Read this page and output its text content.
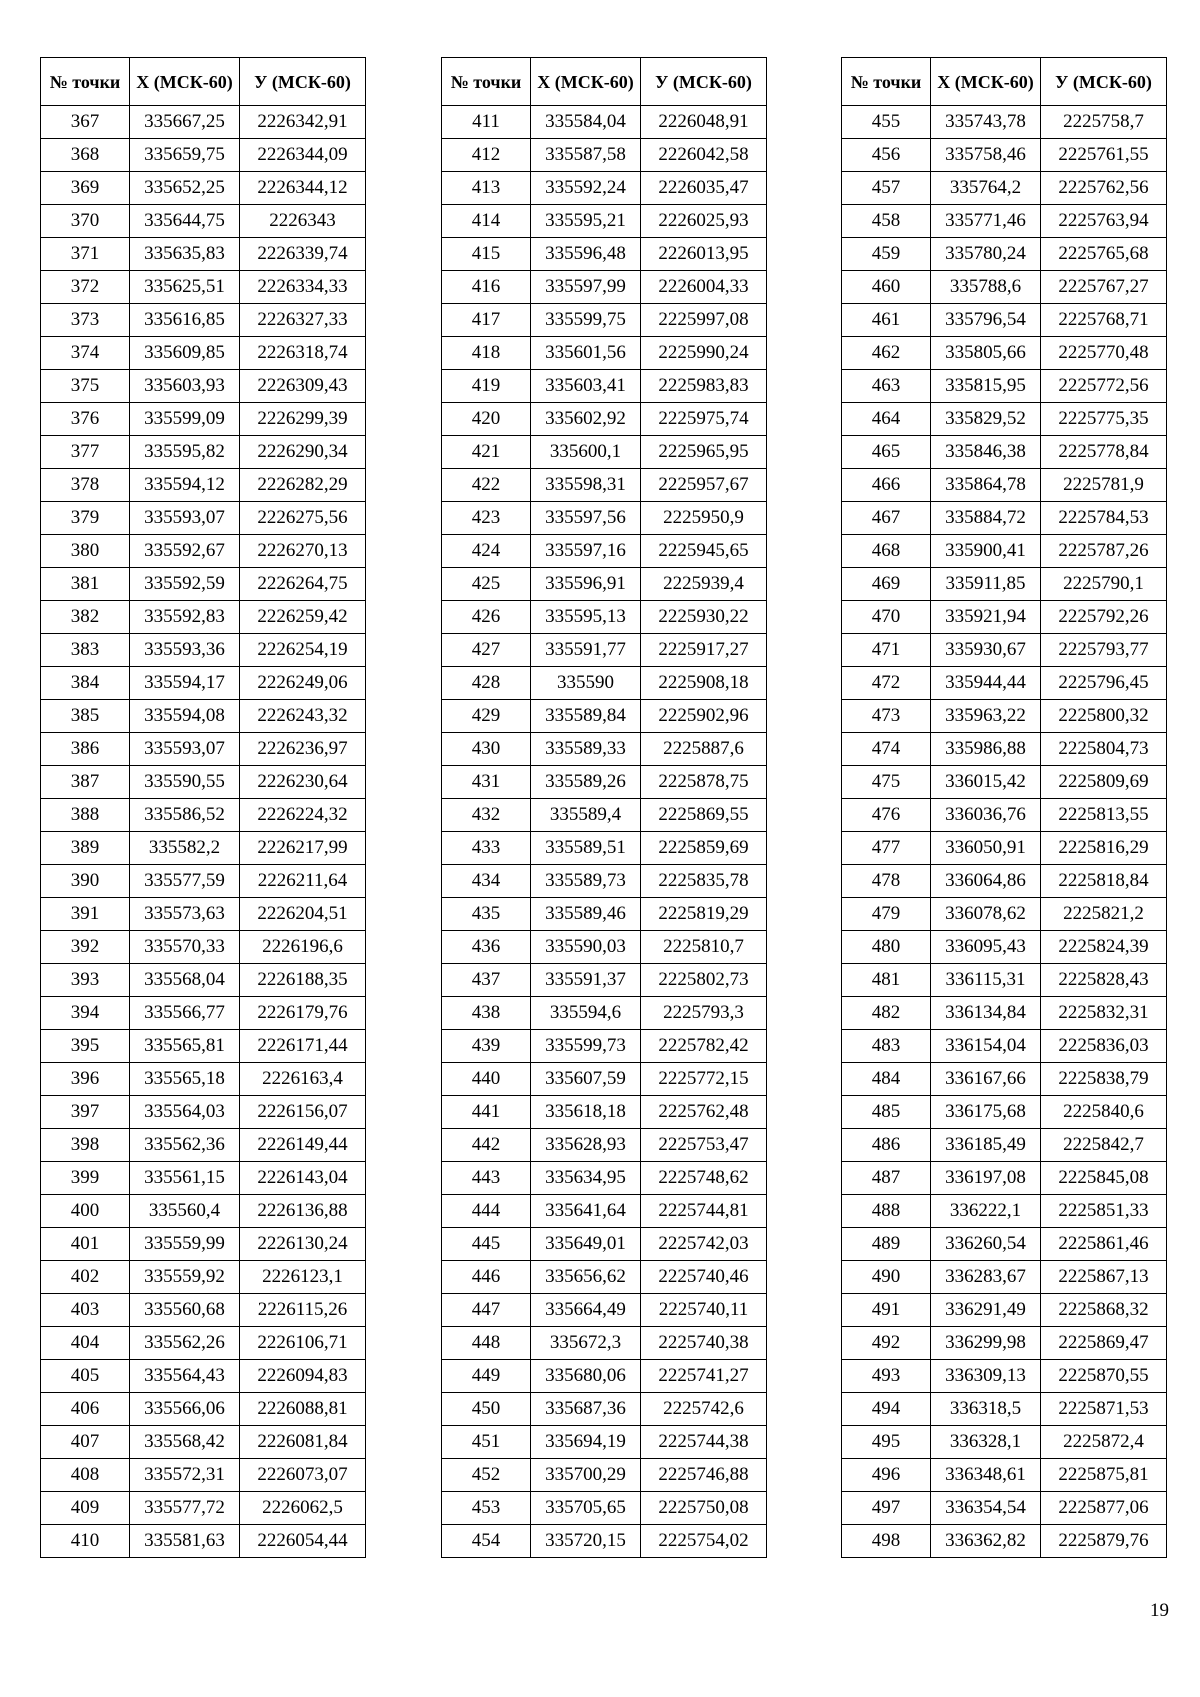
№ точки	X (МСК-60)	У (МСК-60)
367	335667,25	2226342,91
368	335659,75	2226344,09
369	335652,25	2226344,12
370	335644,75	2226343
371	335635,83	2226339,74
372	335625,51	2226334,33
373	335616,85	2226327,33
374	335609,85	2226318,74
375	335603,93	2226309,43
376	335599,09	2226299,39
377	335595,82	2226290,34
378	335594,12	2226282,29
379	335593,07	2226275,56
380	335592,67	2226270,13
381	335592,59	2226264,75
382	335592,83	2226259,42
383	335593,36	2226254,19
384	335594,17	2226249,06
385	335594,08	2226243,32
386	335593,07	2226236,97
387	335590,55	2226230,64
388	335586,52	2226224,32
389	335582,2	2226217,99
390	335577,59	2226211,64
391	335573,63	2226204,51
392	335570,33	2226196,6
393	335568,04	2226188,35
394	335566,77	2226179,76
395	335565,81	2226171,44
396	335565,18	2226163,4
397	335564,03	2226156,07
398	335562,36	2226149,44
399	335561,15	2226143,04
400	335560,4	2226136,88
401	335559,99	2226130,24
402	335559,92	2226123,1
403	335560,68	2226115,26
404	335562,26	2226106,71
405	335564,43	2226094,83
406	335566,06	2226088,81
407	335568,42	2226081,84
408	335572,31	2226073,07
409	335577,72	2226062,5
410	335581,63	2226054,44
№ точки	X (МСК-60)	У (МСК-60)
411	335584,04	2226048,91
412	335587,58	2226042,58
413	335592,24	2226035,47
414	335595,21	2226025,93
415	335596,48	2226013,95
416	335597,99	2226004,33
417	335599,75	2225997,08
418	335601,56	2225990,24
419	335603,41	2225983,83
420	335602,92	2225975,74
421	335600,1	2225965,95
422	335598,31	2225957,67
423	335597,56	2225950,9
424	335597,16	2225945,65
425	335596,91	2225939,4
426	335595,13	2225930,22
427	335591,77	2225917,27
428	335590	2225908,18
429	335589,84	2225902,96
430	335589,33	2225887,6
431	335589,26	2225878,75
432	335589,4	2225869,55
433	335589,51	2225859,69
434	335589,73	2225835,78
435	335589,46	2225819,29
436	335590,03	2225810,7
437	335591,37	2225802,73
438	335594,6	2225793,3
439	335599,73	2225782,42
440	335607,59	2225772,15
441	335618,18	2225762,48
442	335628,93	2225753,47
443	335634,95	2225748,62
444	335641,64	2225744,81
445	335649,01	2225742,03
446	335656,62	2225740,46
447	335664,49	2225740,11
448	335672,3	2225740,38
449	335680,06	2225741,27
450	335687,36	2225742,6
451	335694,19	2225744,38
452	335700,29	2225746,88
453	335705,65	2225750,08
454	335720,15	2225754,02
№ точки	X (МСК-60)	У (МСК-60)
455	335743,78	2225758,7
456	335758,46	2225761,55
457	335764,2	2225762,56
458	335771,46	2225763,94
459	335780,24	2225765,68
460	335788,6	2225767,27
461	335796,54	2225768,71
462	335805,66	2225770,48
463	335815,95	2225772,56
464	335829,52	2225775,35
465	335846,38	2225778,84
466	335864,78	2225781,9
467	335884,72	2225784,53
468	335900,41	2225787,26
469	335911,85	2225790,1
470	335921,94	2225792,26
471	335930,67	2225793,77
472	335944,44	2225796,45
473	335963,22	2225800,32
474	335986,88	2225804,73
475	336015,42	2225809,69
476	336036,76	2225813,55
477	336050,91	2225816,29
478	336064,86	2225818,84
479	336078,62	2225821,2
480	336095,43	2225824,39
481	336115,31	2225828,43
482	336134,84	2225832,31
483	336154,04	2225836,03
484	336167,66	2225838,79
485	336175,68	2225840,6
486	336185,49	2225842,7
487	336197,08	2225845,08
488	336222,1	2225851,33
489	336260,54	2225861,46
490	336283,67	2225867,13
491	336291,49	2225868,32
492	336299,98	2225869,47
493	336309,13	2225870,55
494	336318,5	2225871,53
495	336328,1	2225872,4
496	336348,61	2225875,81
497	336354,54	2225877,06
498	336362,82	2225879,76
19
